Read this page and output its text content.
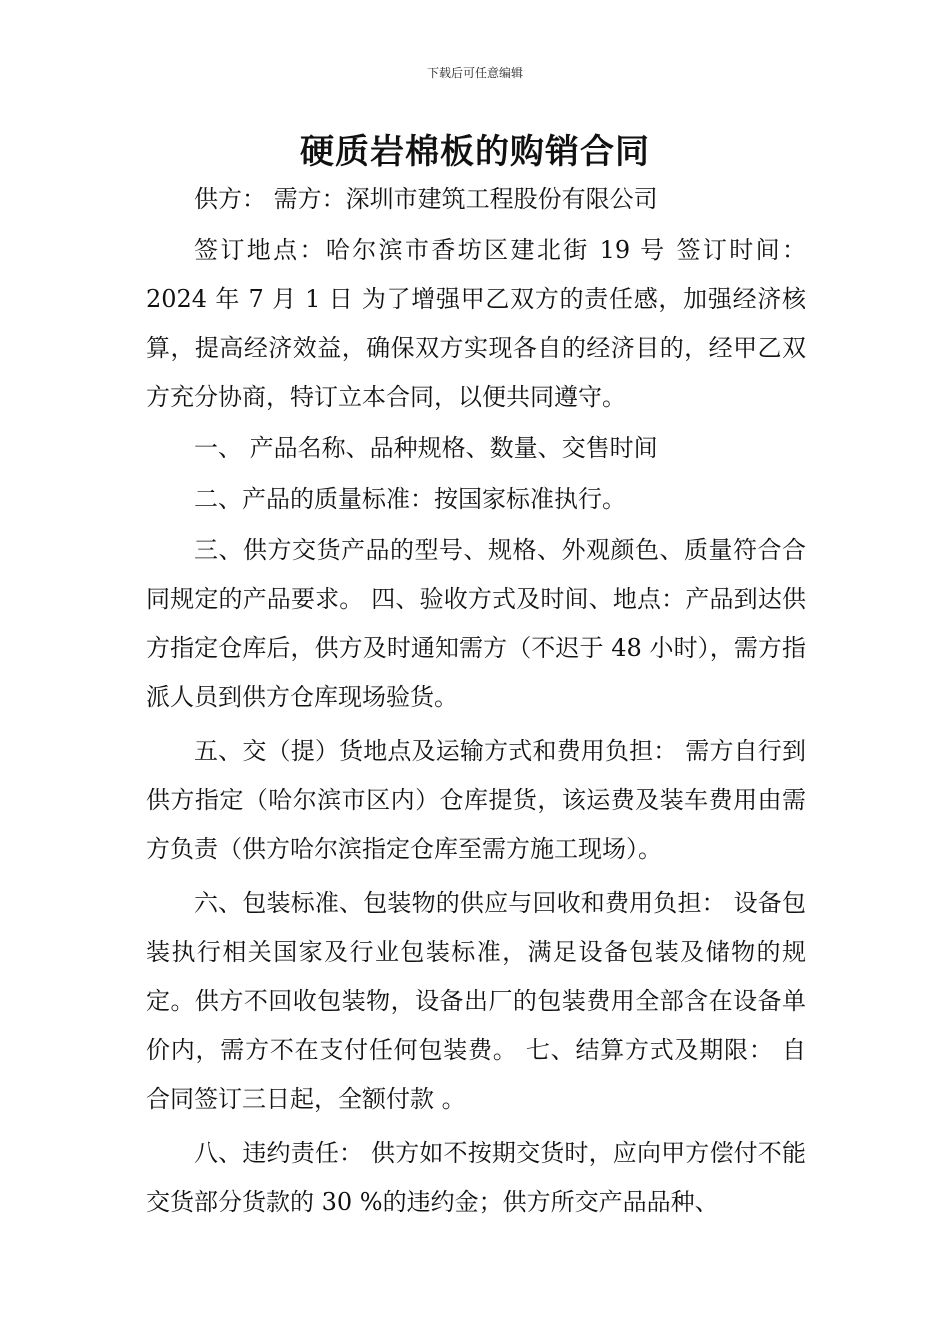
下载后可任意编辑
硬质岩棉板的购销合同

供方： 需方：深圳市建筑工程股份有限公司

签订地点：哈尔滨市香坊区建北街 19 号 签订时间：2024 年 7 月 1 日 为了增强甲乙双方的责任感，加强经济核算，提高经济效益，确保双方实现各自的经济目的，经甲乙双方充分协商，特订立本合同，以便共同遵守。

一、 产品名称、品种规格、数量、交售时间

二、产品的质量标准：按国家标准执行。

三、供方交货产品的型号、规格、外观颜色、质量符合合同规定的产品要求。 四、验收方式及时间、地点：产品到达供方指定仓库后，供方及时通知需方（不迟于 48 小时），需方指派人员到供方仓库现场验货。

五、交（提）货地点及运输方式和费用负担： 需方自行到供方指定（哈尔滨市区内）仓库提货，该运费及装车费用由需方负责（供方哈尔滨指定仓库至需方施工现场）。

六、包装标准、包装物的供应与回收和费用负担： 设备包装执行相关国家及行业包装标准，满足设备包装及储物的规定。供方不回收包装物，设备出厂的包装费用全部含在设备单价内，需方不在支付任何包装费。 七、结算方式及期限： 自合同签订三日起，全额付款 。

八、违约责任： 供方如不按期交货时，应向甲方偿付不能交货部分货款的 30 %的违约金；供方所交产品品种、
